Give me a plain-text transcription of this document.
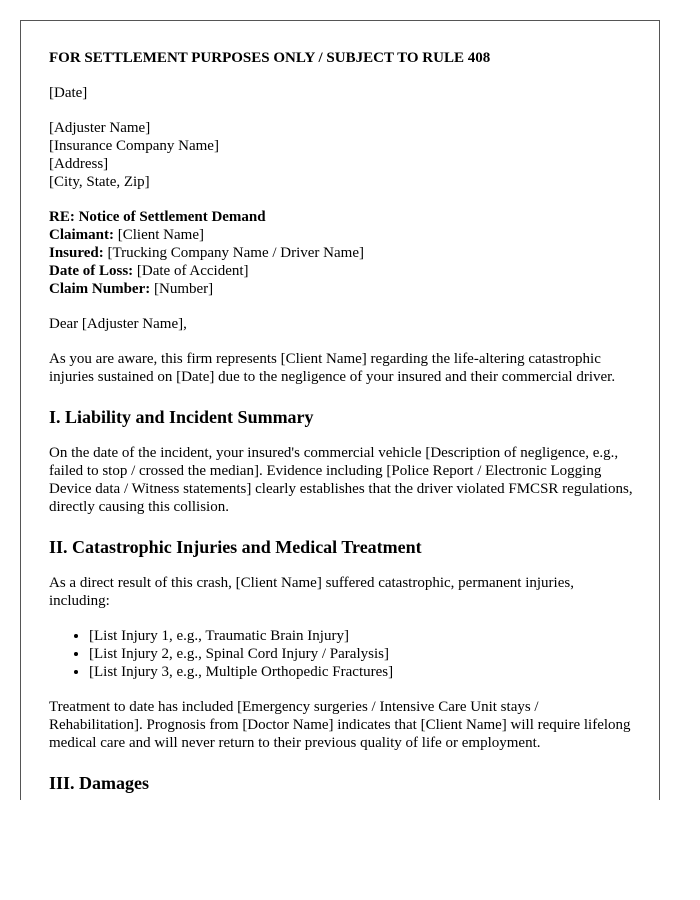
FOR SETTLEMENT PURPOSES ONLY / SUBJECT TO RULE 408
[Date]
[Adjuster Name]
[Insurance Company Name]
[Address]
[City, State, Zip]
RE: Notice of Settlement Demand
Claimant: [Client Name]
Insured: [Trucking Company Name / Driver Name]
Date of Loss: [Date of Accident]
Claim Number: [Number]
Dear [Adjuster Name],
As you are aware, this firm represents [Client Name] regarding the life-altering catastrophic injuries sustained on [Date] due to the negligence of your insured and their commercial driver.
I. Liability and Incident Summary
On the date of the incident, your insured's commercial vehicle [Description of negligence, e.g., failed to stop / crossed the median]. Evidence including [Police Report / Electronic Logging Device data / Witness statements] clearly establishes that the driver violated FMCSR regulations, directly causing this collision.
II. Catastrophic Injuries and Medical Treatment
As a direct result of this crash, [Client Name] suffered catastrophic, permanent injuries, including:
• [List Injury 1, e.g., Traumatic Brain Injury]
• [List Injury 2, e.g., Spinal Cord Injury / Paralysis]
• [List Injury 3, e.g., Multiple Orthopedic Fractures]
Treatment to date has included [Emergency surgeries / Intensive Care Unit stays / Rehabilitation]. Prognosis from [Doctor Name] indicates that [Client Name] will require lifelong medical care and will never return to their previous quality of life or employment.
III. Damages
